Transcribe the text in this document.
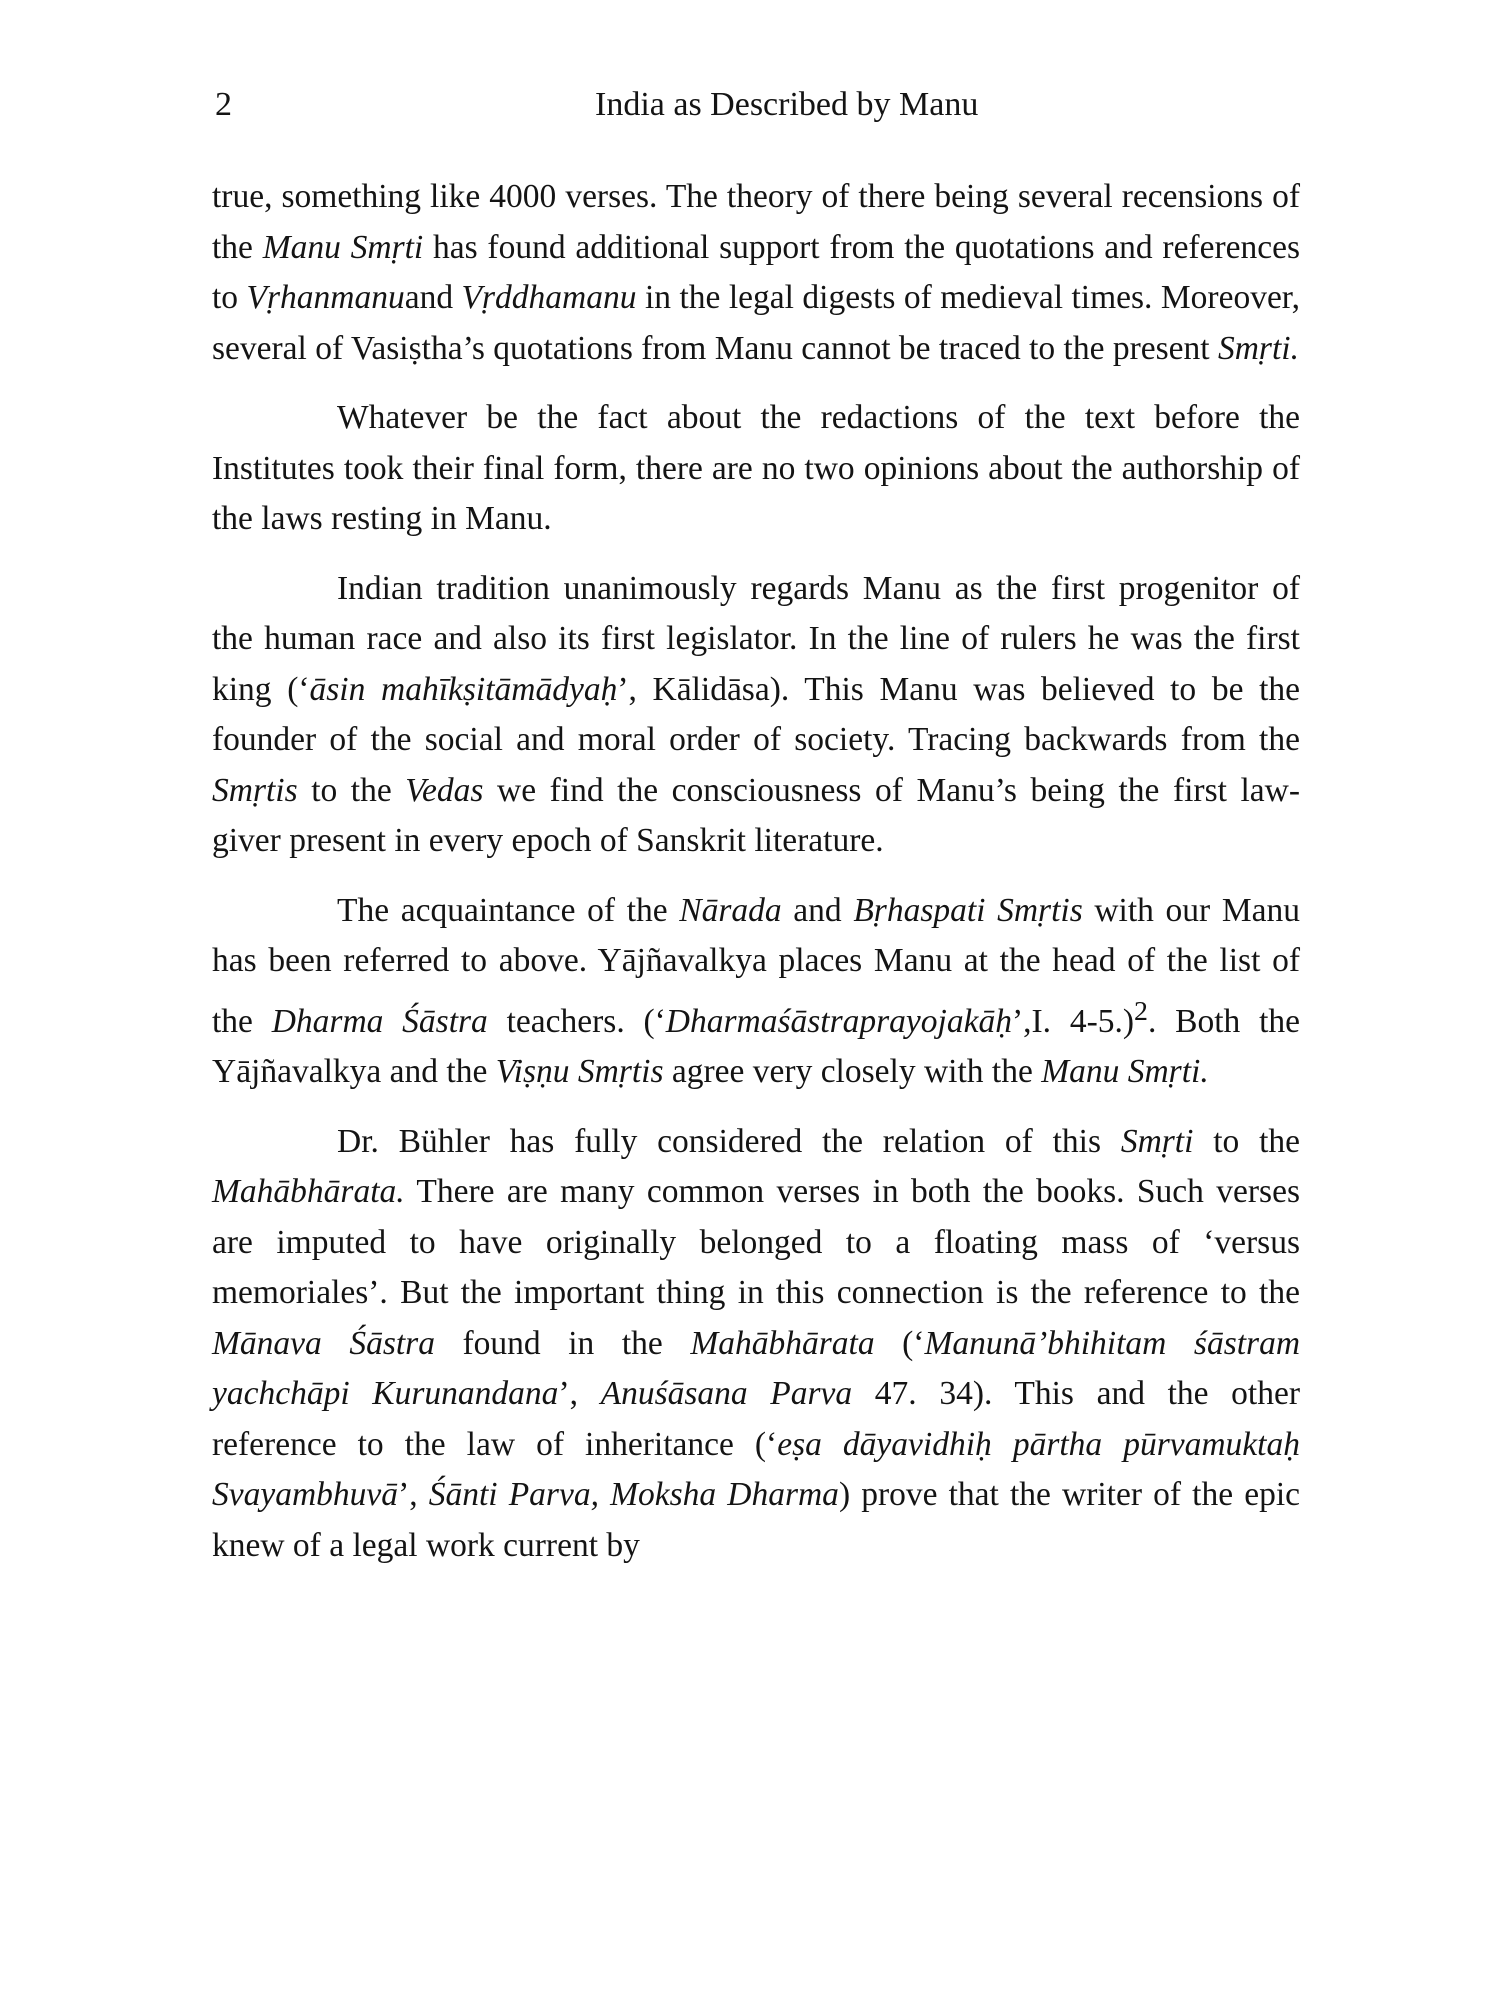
2	India as Described by Manu

true, something like 4000 verses. The theory of there being several recensions of the Manu Smṛti has found additional support from the quotations and references to Vṛhanmanuand Vṛddhamanu in the legal digests of medieval times. Moreover, several of Vasiṣtha’s quotations from Manu cannot be traced to the present Smṛti.

Whatever be the fact about the redactions of the text before the Institutes took their final form, there are no two opinions about the authorship of the laws resting in Manu.

Indian tradition unanimously regards Manu as the first progenitor of the human race and also its first legislator. In the line of rulers he was the first king (‘āsin mahīkṣitāmādyaḥ’, Kālidāsa). This Manu was believed to be the founder of the social and moral order of society. Tracing backwards from the Smṛtis to the Vedas we find the consciousness of Manu’s being the first law-giver present in every epoch of Sanskrit literature.

The acquaintance of the Nārada and Bṛhaspati Smṛtis with our Manu has been referred to above. Yājñavalkya places Manu at the head of the list of the Dharma Śāstra teachers. (‘Dharmaśāstraprayojakāḥ’,I. 4-5.)$^2$. Both the Yājñavalkya and the Viṣṇu Smṛtis agree very closely with the Manu Smṛti.

Dr. Bühler has fully considered the relation of this Smṛti to the Mahābhārata. There are many common verses in both the books. Such verses are imputed to have originally belonged to a floating mass of ‘versus memoriales’. But the important thing in this connection is the reference to the Mānava Śāstra found in the Mahābhārata (‘Manunā’bhihitam śāstram yachchāpi Kurunandana’, Anuśāsana Parva 47. 34). This and the other reference to the law of inheritance (‘eṣa dāyavidhiḥ pārtha pūrvamuktaḥ Svayambhuvā’, Śānti Parva, Moksha Dharma) prove that the writer of the epic knew of a legal work current by
